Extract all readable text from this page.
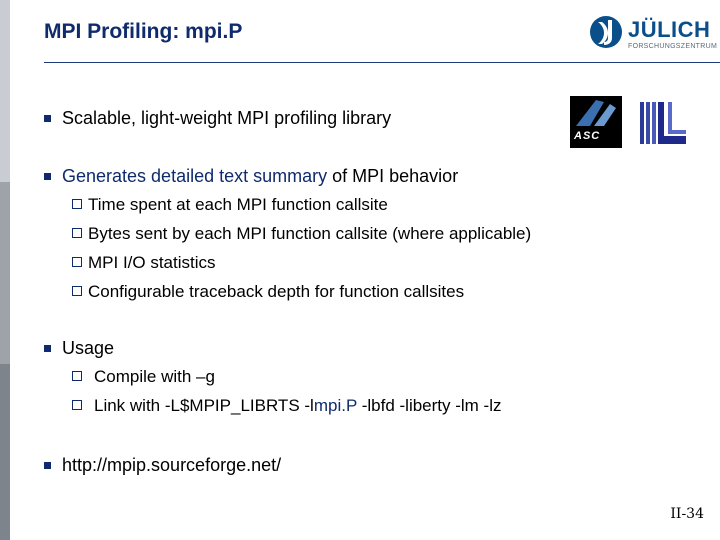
MPI Profiling: mpi.P	JÜLICH
FORSCHUNGSZENTRUM
ASC
Scalable, light-weight MPI profiling library
Generates detailed text summary of MPI behavior
Time spent at each MPI function callsite
Bytes sent by each MPI function callsite (where applicable)
MPI I/O statistics
Configurable traceback depth for function callsites
Usage
Compile with –g
Link with -L$MPIP_LIBRTS -lmpi.P -lbfd -liberty -lm -lz
http://mpip.sourceforge.net/
II-34
